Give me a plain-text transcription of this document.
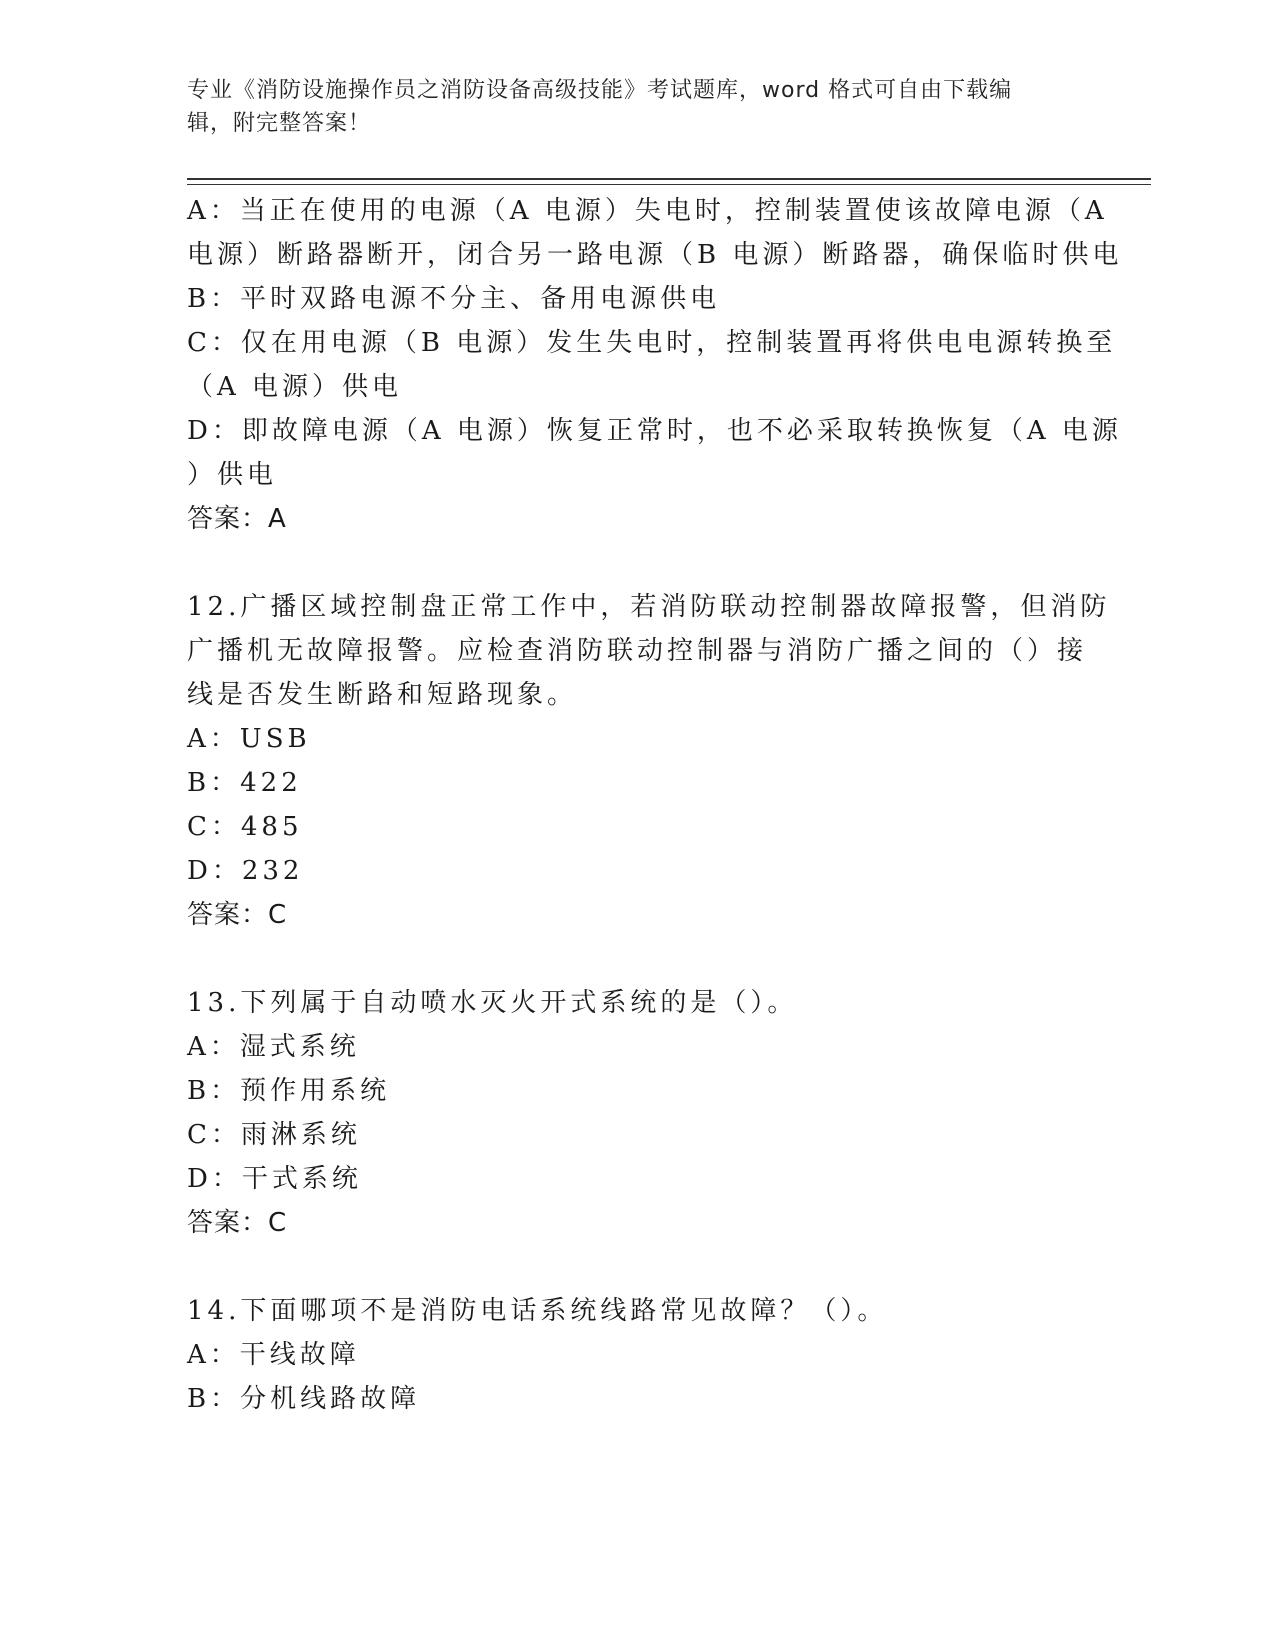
专业《消防设施操作员之消防设备高级技能》考试题库，word 格式可自由下载编
辑，附完整答案！
A：当正在使用的电源（A 电源）失电时，控制装置使该故障电源（A
电源）断路器断开，闭合另一路电源（B 电源）断路器，确保临时供电
B：平时双路电源不分主、备用电源供电
C：仅在用电源（B 电源）发生失电时，控制装置再将供电电源转换至
（A 电源）供电
D：即故障电源（A 电源）恢复正常时，也不必采取转换恢复（A 电源
）供电
答案：A
12.广播区域控制盘正常工作中，若消防联动控制器故障报警，但消防
广播机无故障报警。应检查消防联动控制器与消防广播之间的（）接
线是否发生断路和短路现象。
A：USB
B：422
C：485
D：232
答案：C
13.下列属于自动喷水灭火开式系统的是（）。
A：湿式系统
B：预作用系统
C：雨淋系统
D：干式系统
答案：C
14.下面哪项不是消防电话系统线路常见故障？（）。
A：干线故障
B：分机线路故障
